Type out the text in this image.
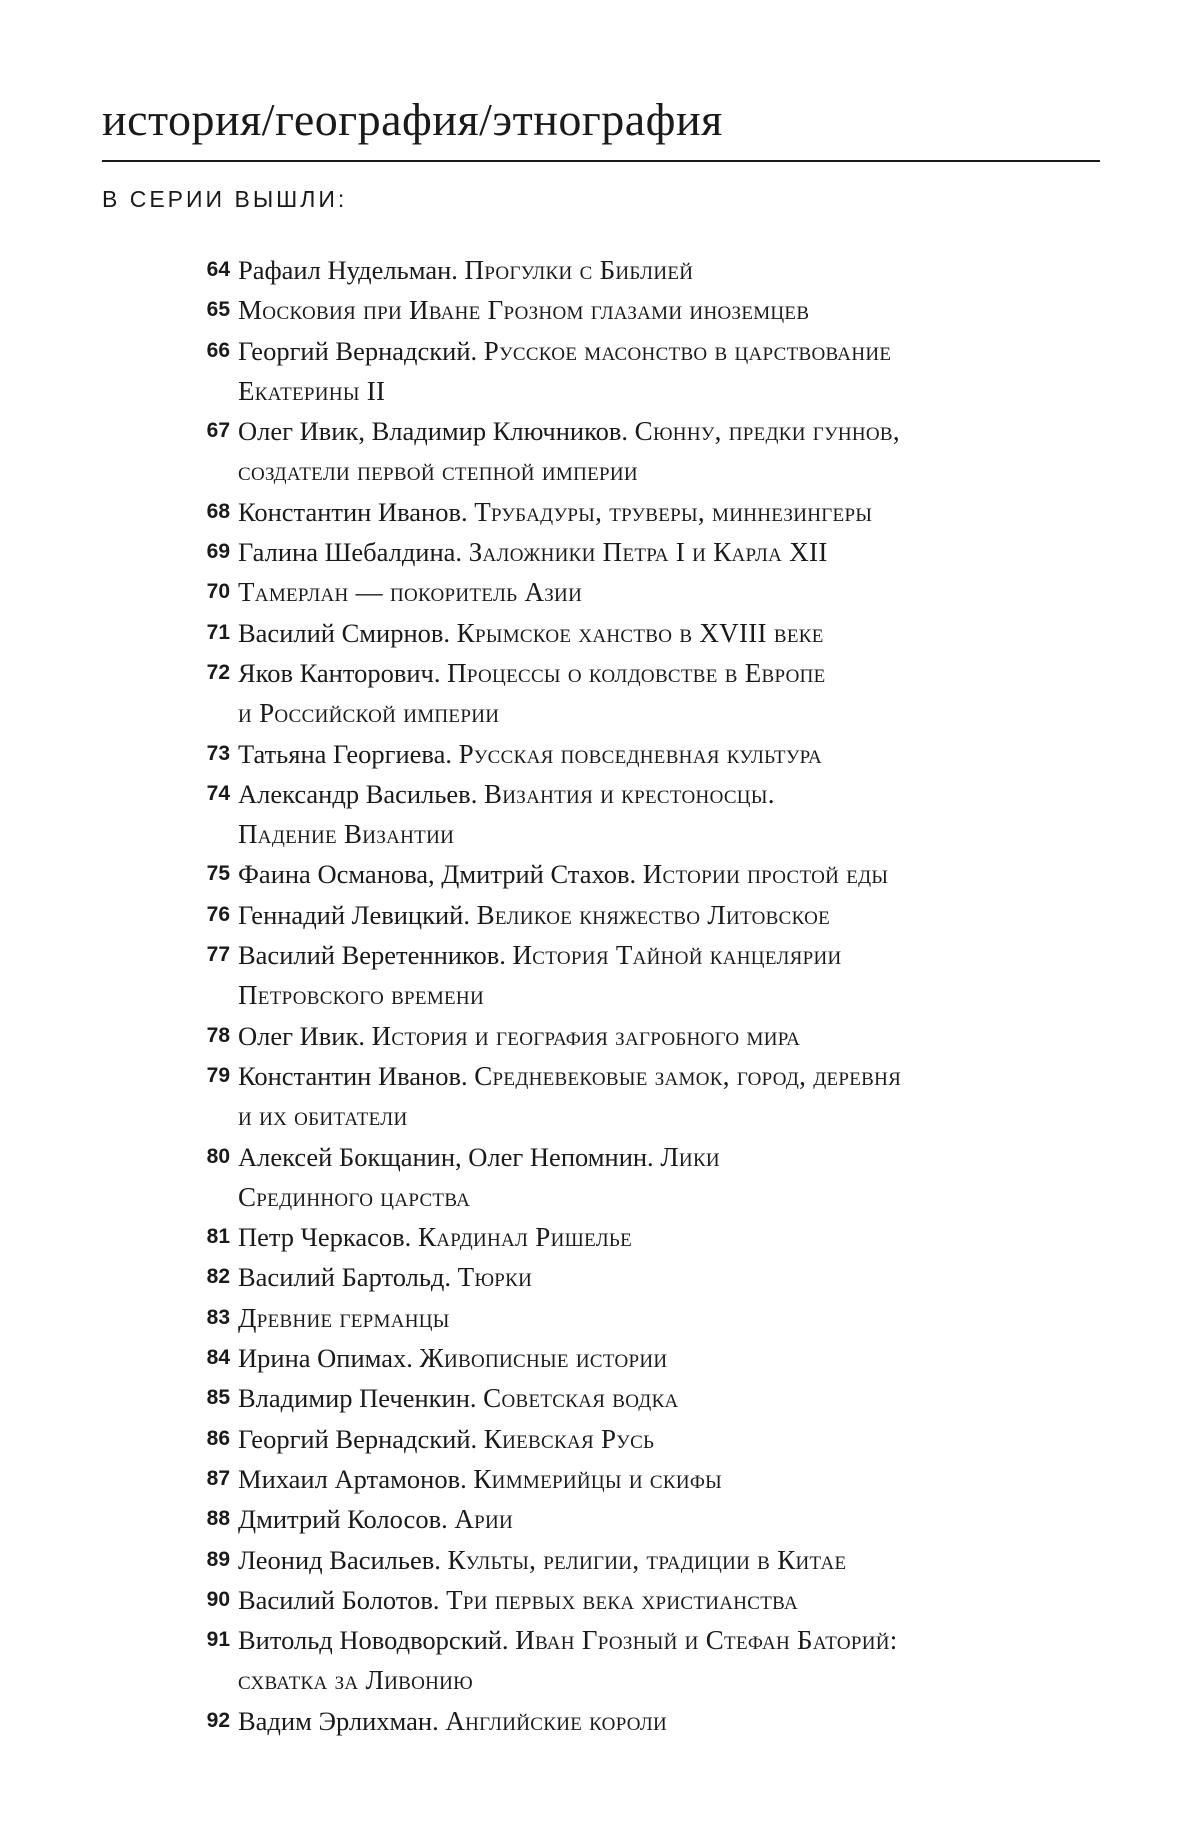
история/география/этнография
В СЕРИИ ВЫШЛИ:
64 Рафаил Нудельман. Прогулки с Библией
65 Московия при Иване Грозном глазами иноземцев
66 Георгий Вернадский. Русское масонство в царствование
Екатерины II
67 Олег Ивик, Владимир Ключников. Сюнну, предки гуннов,
создатели первой степной империи
68 Константин Иванов. Трубадуры, труверы, миннезингеры
69 Галина Шебалдина. Заложники Петра I и Карла XII
70 Тамерлан — покоритель Азии
71 Василий Смирнов. Крымское ханство в XVIII веке
72 Яков Канторович. Процессы о колдовстве в Европе
и Российской империи
73 Татьяна Георгиева. Русская повседневная культура
74 Александр Васильев. Византия и крестоносцы.
Падение Византии
75 Фаина Османова, Дмитрий Стахов. Истории простой еды
76 Геннадий Левицкий. Великое княжество Литовское
77 Василий Веретенников. История Тайной канцелярии
Петровского времени
78 Олег Ивик. История и география загробного мира
79 Константин Иванов. Средневековые замок, город, деревня
и их обитатели
80 Алексей Бокщанин, Олег Непомнин. Лики
Срединного царства
81 Петр Черкасов. Кардинал Ришелье
82 Василий Бартольд. Тюрки
83 Древние германцы
84 Ирина Опимах. Живописные истории
85 Владимир Печенкин. Советская водка
86 Георгий Вернадский. Киевская Русь
87 Михаил Артамонов. Киммерийцы и скифы
88 Дмитрий Колосов. Арии
89 Леонид Васильев. Культы, религии, традиции в Китае
90 Василий Болотов. Три первых века христианства
91 Витольд Новодворский. Иван Грозный и Стефан Баторий:
схватка за Ливонию
92 Вадим Эрлихман. Английские короли
